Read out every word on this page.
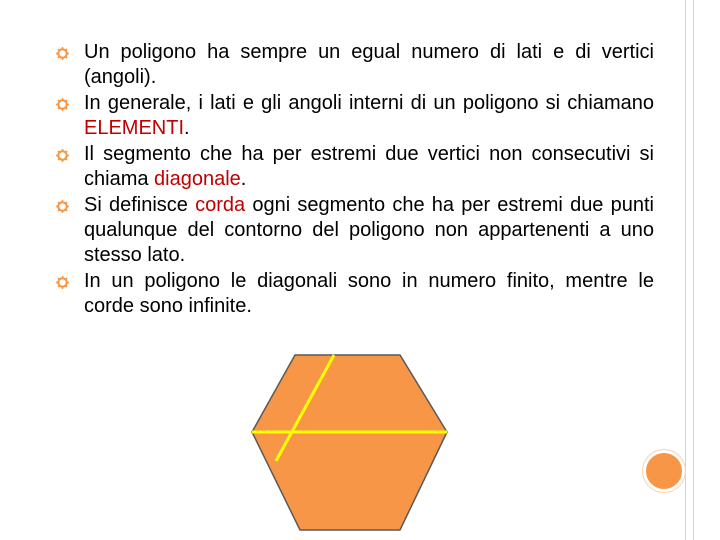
Un poligono ha sempre un egual numero di lati e di vertici (angoli).
In generale, i lati e gli angoli interni di un poligono si chiamano ELEMENTI.
Il segmento che ha per estremi due vertici non consecutivi si chiama diagonale.
Si definisce corda ogni segmento che ha per estremi due punti qualunque del contorno del poligono non appartenenti a uno stesso lato.
In un poligono le diagonali sono in numero finito, mentre le corde sono infinite.
